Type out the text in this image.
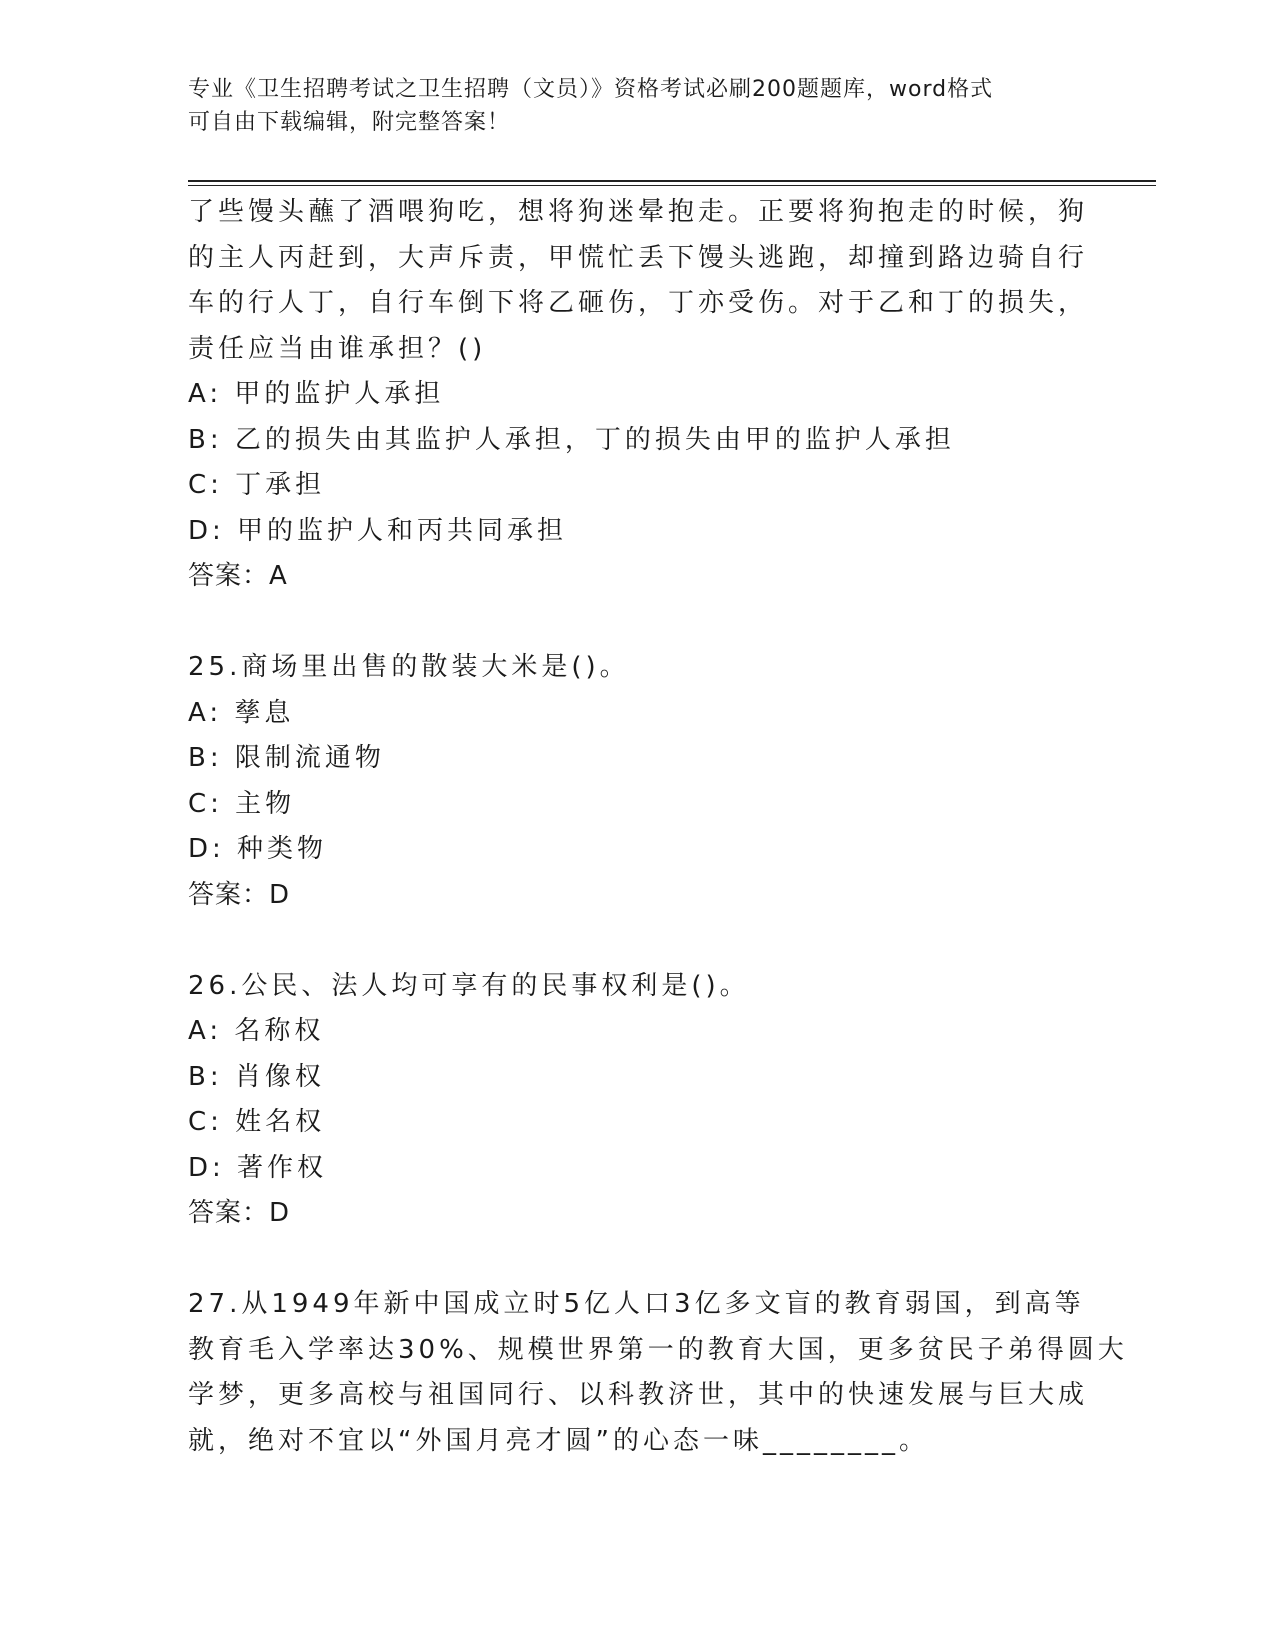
专业《卫生招聘考试之卫生招聘（文员）》资格考试必刷200题题库，word格式
可自由下载编辑，附完整答案！
了些馒头蘸了酒喂狗吃，想将狗迷晕抱走。正要将狗抱走的时候，狗
的主人丙赶到，大声斥责，甲慌忙丢下馒头逃跑，却撞到路边骑自行
车的行人丁，自行车倒下将乙砸伤，丁亦受伤。对于乙和丁的损失，
责任应当由谁承担？()
A: 甲的监护人承担
B: 乙的损失由其监护人承担，丁的损失由甲的监护人承担
C: 丁承担
D: 甲的监护人和丙共同承担
答案：A
25.商场里出售的散装大米是()。
A: 孳息
B: 限制流通物
C: 主物
D: 种类物
答案：D
26.公民、法人均可享有的民事权利是()。
A: 名称权
B: 肖像权
C: 姓名权
D: 著作权
答案：D
27.从1949年新中国成立时5亿人口3亿多文盲的教育弱国，到高等
教育毛入学率达30%、规模世界第一的教育大国，更多贫民子弟得圆大
学梦，更多高校与祖国同行、以科教济世，其中的快速发展与巨大成
就，绝对不宜以“外国月亮才圆”的心态一味________。
